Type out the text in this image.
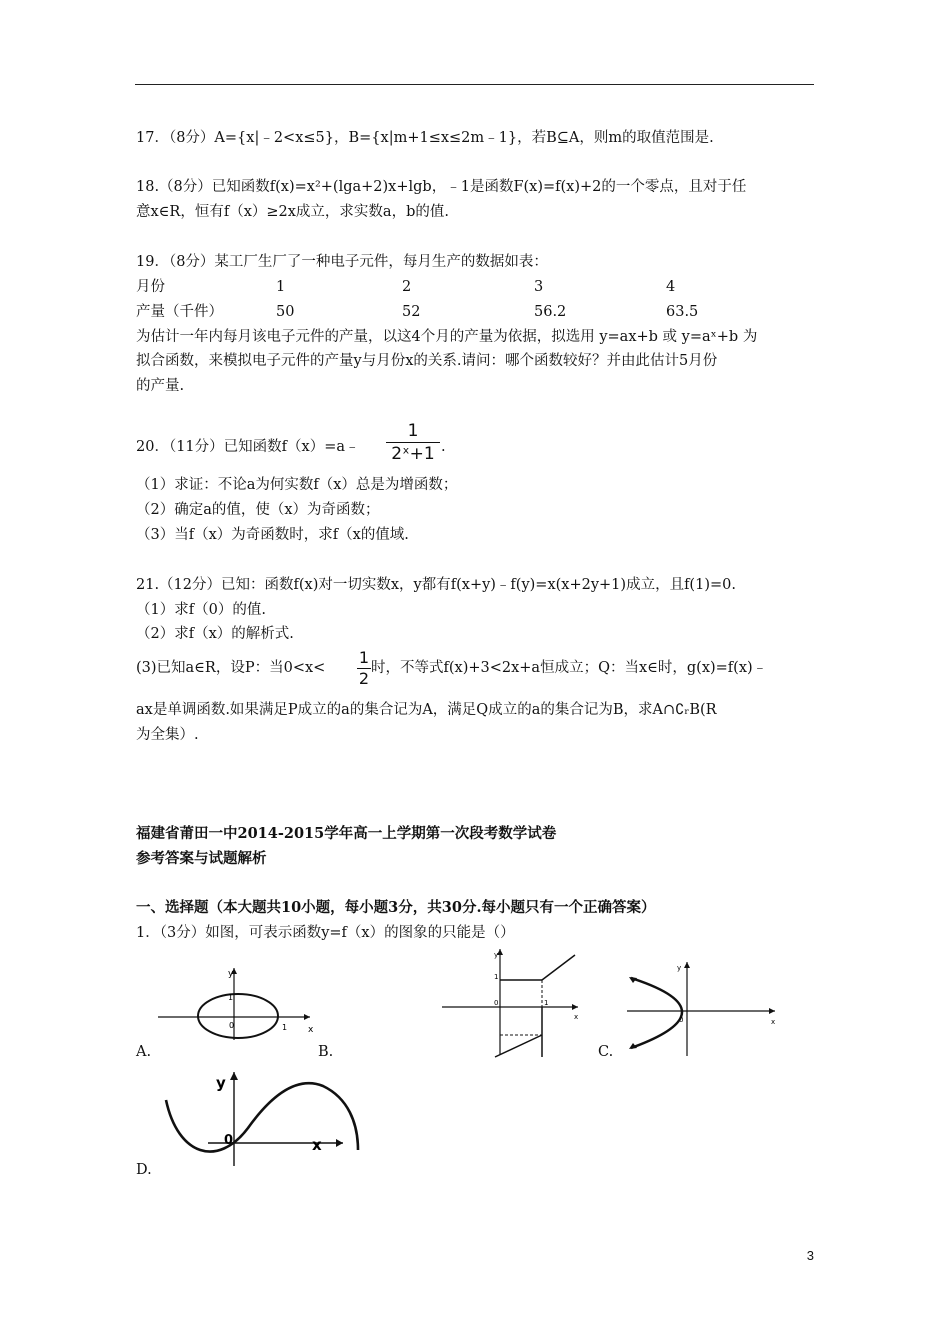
17．（8分）A={x|﹣2<x≤5}，B={x|m+1≤x≤2m﹣1}，若B⊆A，则m的取值范围是.
18.（8分）已知函数f(x)=x²+(lga+2)x+lgb，﹣1是函数F(x)=f(x)+2的一个零点，且对于任
意x∈R，恒有f（x）≥2x成立，求实数a，b的值.
19．（8分）某工厂生厂了一种电子元件，每月生产的数据如表：
月份	1	2	3	4
产量（千件）	50	52	56.2	63.5
为估计一年内每月该电子元件的产量，以这4个月的产量为依据，拟选用 y=ax+b 或 y=aˣ+b 为
拟合函数，来模拟电子元件的产量y与月份x的关系.请问：哪个函数较好？并由此估计5月份
的产量.
20．（11分）已知函数f（x）=a﹣ $\frac{1}{\text{2ˣ+1}}$ .
（1）求证：不论a为何实数f（x）总是为增函数；
（2）确定a的值，使（x）为奇函数；
（3）当f（x）为奇函数时，求f（x的值域.
21.（12分）已知：函数f(x)对一切实数x，y都有f(x+y)﹣f(y)=x(x+2y+1)成立，且f(1)=0.
（1）求f（0）的值.
（2）求f（x）的解析式.
(3)已知a∈R，设P：当$0<x< \frac{1}{2}$ 时，不等式f(x)+3<2x+a恒成立；Q：当x∈时，g(x)=f(x)﹣
ax是单调函数.如果满足P成立的a的集合记为A，满足Q成立的a的集合记为B，求A∩∁ᵣB(R
为全集）.
福建省莆田一中2014-2015学年高一上学期第一次段考数学试卷
参考答案与试题解析
一、选择题（本大题共10小题，每小题3分，共30分.每小题只有一个正确答案）
1．（3分）如图，可表示函数y=f（x）的图象的只能是（）
y
1
0	1 x
A.
y
1
0	1
x
B.
y
0	x
C.
y
0	x
D.
3
